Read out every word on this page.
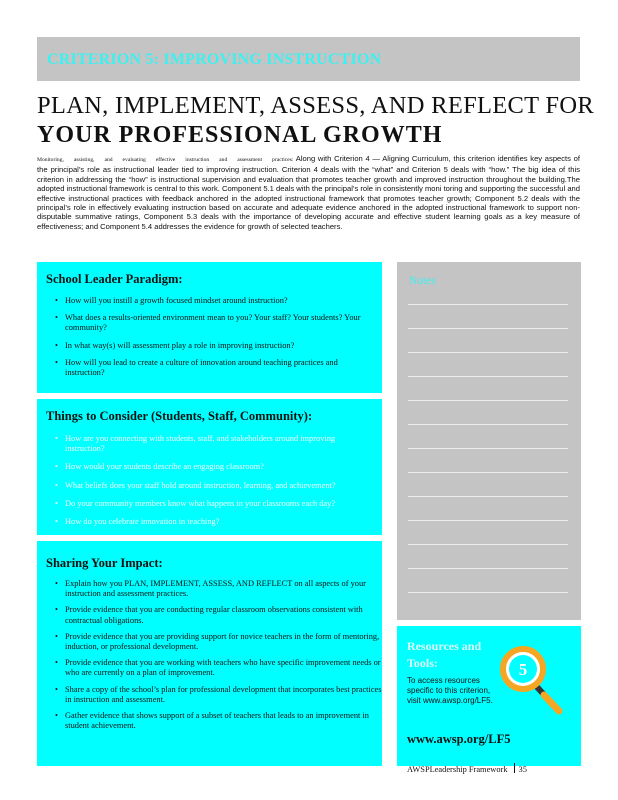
CRITERION 5: IMPROVING INSTRUCTION
PLAN, IMPLEMENT, ASSESS, AND REFLECT FOR
YOUR PROFESSIONAL GROWTH

Monitoring, assisting, and evaluating effective instruction and assessment practices: Along with Criterion 4 — Aligning Curriculum, this criterion identifies key aspects of the principal’s role as instructional leader tied to improving instruction. Criterion 4 deals with the “what” and Criterion 5 deals with “how.” The big idea of this criterion in addressing the “how” is instructional supervision and evaluation that promotes teacher growth and improved instruction throughout the building.The adopted instructional framework is central to this work. Component 5.1 deals with the principal’s role in consistently moni toring and supporting the successful and effective instructional practices with feedback anchored in the adopted instructional framework that promotes teacher growth; Component 5.2 deals with the principal’s role in effectively evaluating instruction based on accurate and adequate evidence anchored in the adopted instructional framework to support non-disputable summative ratings, Component 5.3 deals with the importance of developing accurate and effective student learning goals as a key measure of effectiveness; and Component 5.4 addresses the evidence for growth of selected teachers.

School Leader Paradigm:
• How will you instill a growth focused mindset around instruction?
• What does a results-oriented environment mean to you? Your staff? Your students? Your community?
• In what way(s) will assessment play a role in improving instruction?
• How will you lead to create a culture of innovation around teaching practices and instruction?
Things to Consider (Students, Staff, Community):
• How are you connecting with students, staff, and stakeholders around improving instruction?
• How would your students describe an engaging classroom?
• What beliefs does your staff hold around instruction, learning, and achievement?
• Do your community members know what happens in your classrooms each day?
• How do you celebrate innovation in teaching?
Sharing Your Impact:
• Explain how you PLAN, IMPLEMENT, ASSESS, AND REFLECT on all aspects of your instruction and assessment practices.
• Provide evidence that you are conducting regular classroom observations consistent with contractual obligations.
• Provide evidence that you are providing support for novice teachers in the form of mentoring, induction, or professional development.
• Provide evidence that you are working with teachers who have specific improvement needs or who are currently on a plan of improvement.
• Share a copy of the school’s plan for professional development that incorporates best practices in instruction and assessment.
• Gather evidence that shows support of a subset of teachers that leads to an improvement in student achievement.
Notes
Resources and Tools:
To access resources specific to this criterion, visit www.awsp.org/LF5.
www.awsp.org/LF5
5
AWSPLeadership Framework 35
